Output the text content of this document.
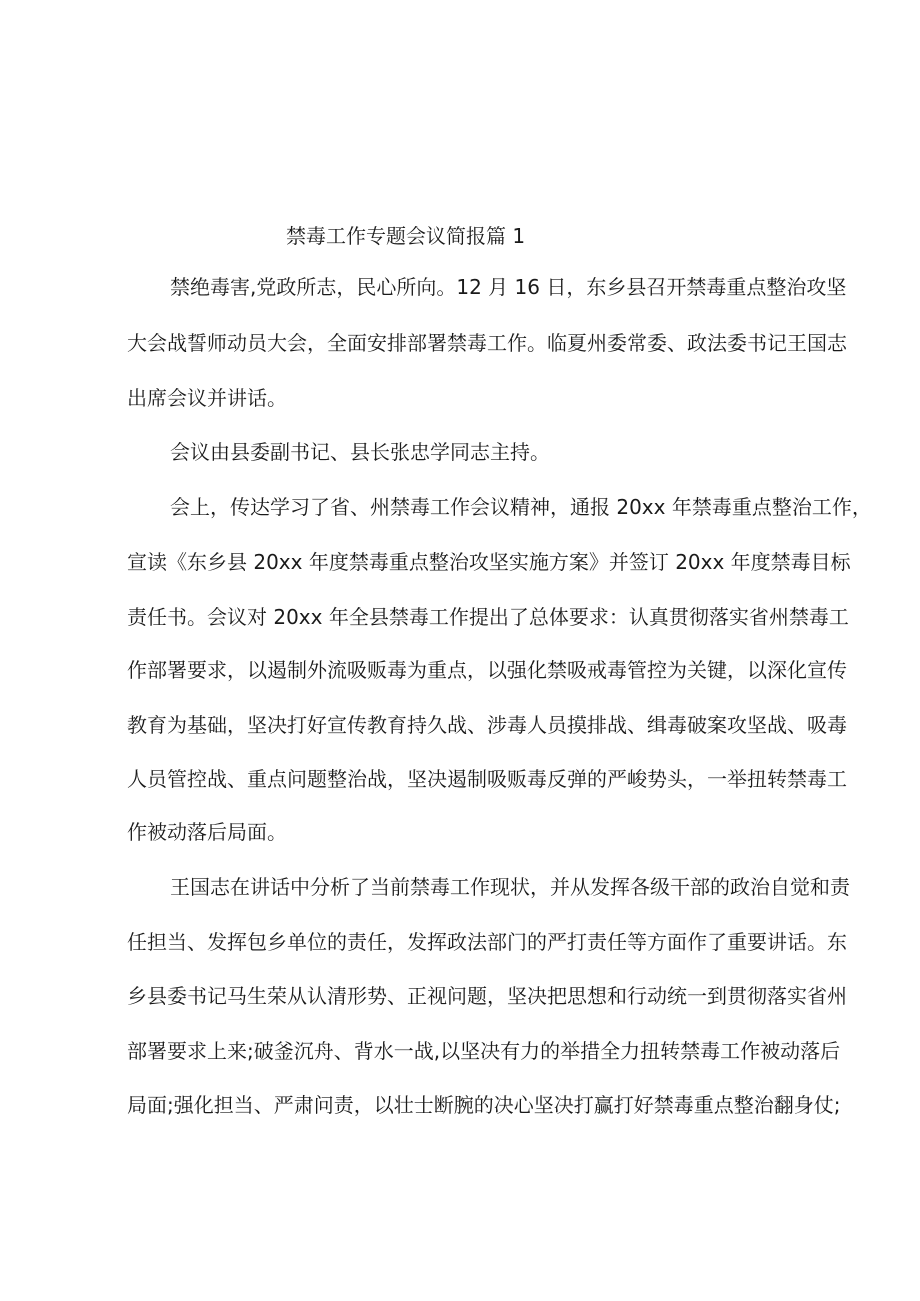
禁毒工作专题会议简报篇 1

禁绝毒害,党政所志，民心所向。12 月 16 日，东乡县召开禁毒重点整治攻坚

大会战誓师动员大会，全面安排部署禁毒工作。临夏州委常委、政法委书记王国志

出席会议并讲话。

会议由县委副书记、县长张忠学同志主持。

会上，传达学习了省、州禁毒工作会议精神，通报 20xx 年禁毒重点整治工作，

宣读《东乡县 20xx 年度禁毒重点整治攻坚实施方案》并签订 20xx 年度禁毒目标

责任书。会议对 20xx 年全县禁毒工作提出了总体要求：认真贯彻落实省州禁毒工

作部署要求，以遏制外流吸贩毒为重点，以强化禁吸戒毒管控为关键，以深化宣传

教育为基础，坚决打好宣传教育持久战、涉毒人员摸排战、缉毒破案攻坚战、吸毒

人员管控战、重点问题整治战，坚决遏制吸贩毒反弹的严峻势头，一举扭转禁毒工

作被动落后局面。

王国志在讲话中分析了当前禁毒工作现状，并从发挥各级干部的政治自觉和责

任担当、发挥包乡单位的责任，发挥政法部门的严打责任等方面作了重要讲话。东

乡县委书记马生荣从认清形势、正视问题，坚决把思想和行动统一到贯彻落实省州

部署要求上来;破釜沉舟、背水一战,以坚决有力的举措全力扭转禁毒工作被动落后

局面;强化担当、严肃问责，以壮士断腕的决心坚决打赢打好禁毒重点整治翻身仗;
